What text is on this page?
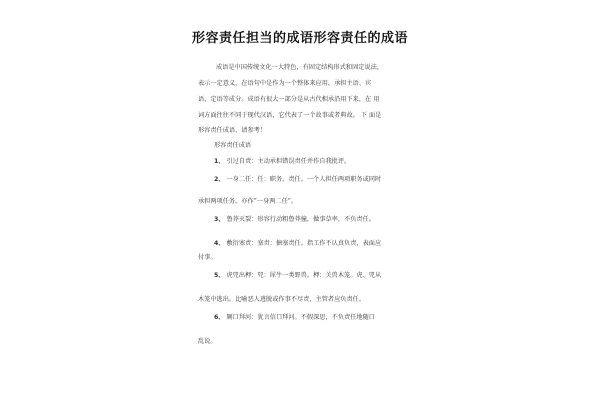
形容责任担当的成语形容责任的成语
成语是中国传统文化一大特色，有固定结构形式和固定说法，
表示一定意义，在语句中是作为一个整体来应用，承担主语、宾
语、定语等成分。成语有很大一部分是从古代相承沿用下来，在 用
词方面往往不同于现代汉语，它代表了一个故事或者典故。 下 面是
形容责任成语，请参考！
形容责任成语
1、 引过自责：主动承担错误责任并作自我批评。
2、 一身二任：任：职务，责任。一个人担任两项职务或同时
承担两项任务。亦作“一身两二任”。
3、 鲁莽灭裂：形容行动粗鲁莽撞，做事草率，不负责任。
4、 敷衍塞责：塞责：搪塞责任。指工作不认真负责，表面应
付事。
5、 虎兕出柙：兕：犀牛一类野兽。柙：关兽木笼。虎、兕从
木笼中逃出。比喻恶人逃脱或作事不尽责，主管者应负责任。
6、 厕口拜河：犹言信口拜河。不假深思，不负责任地随口
乱说。
